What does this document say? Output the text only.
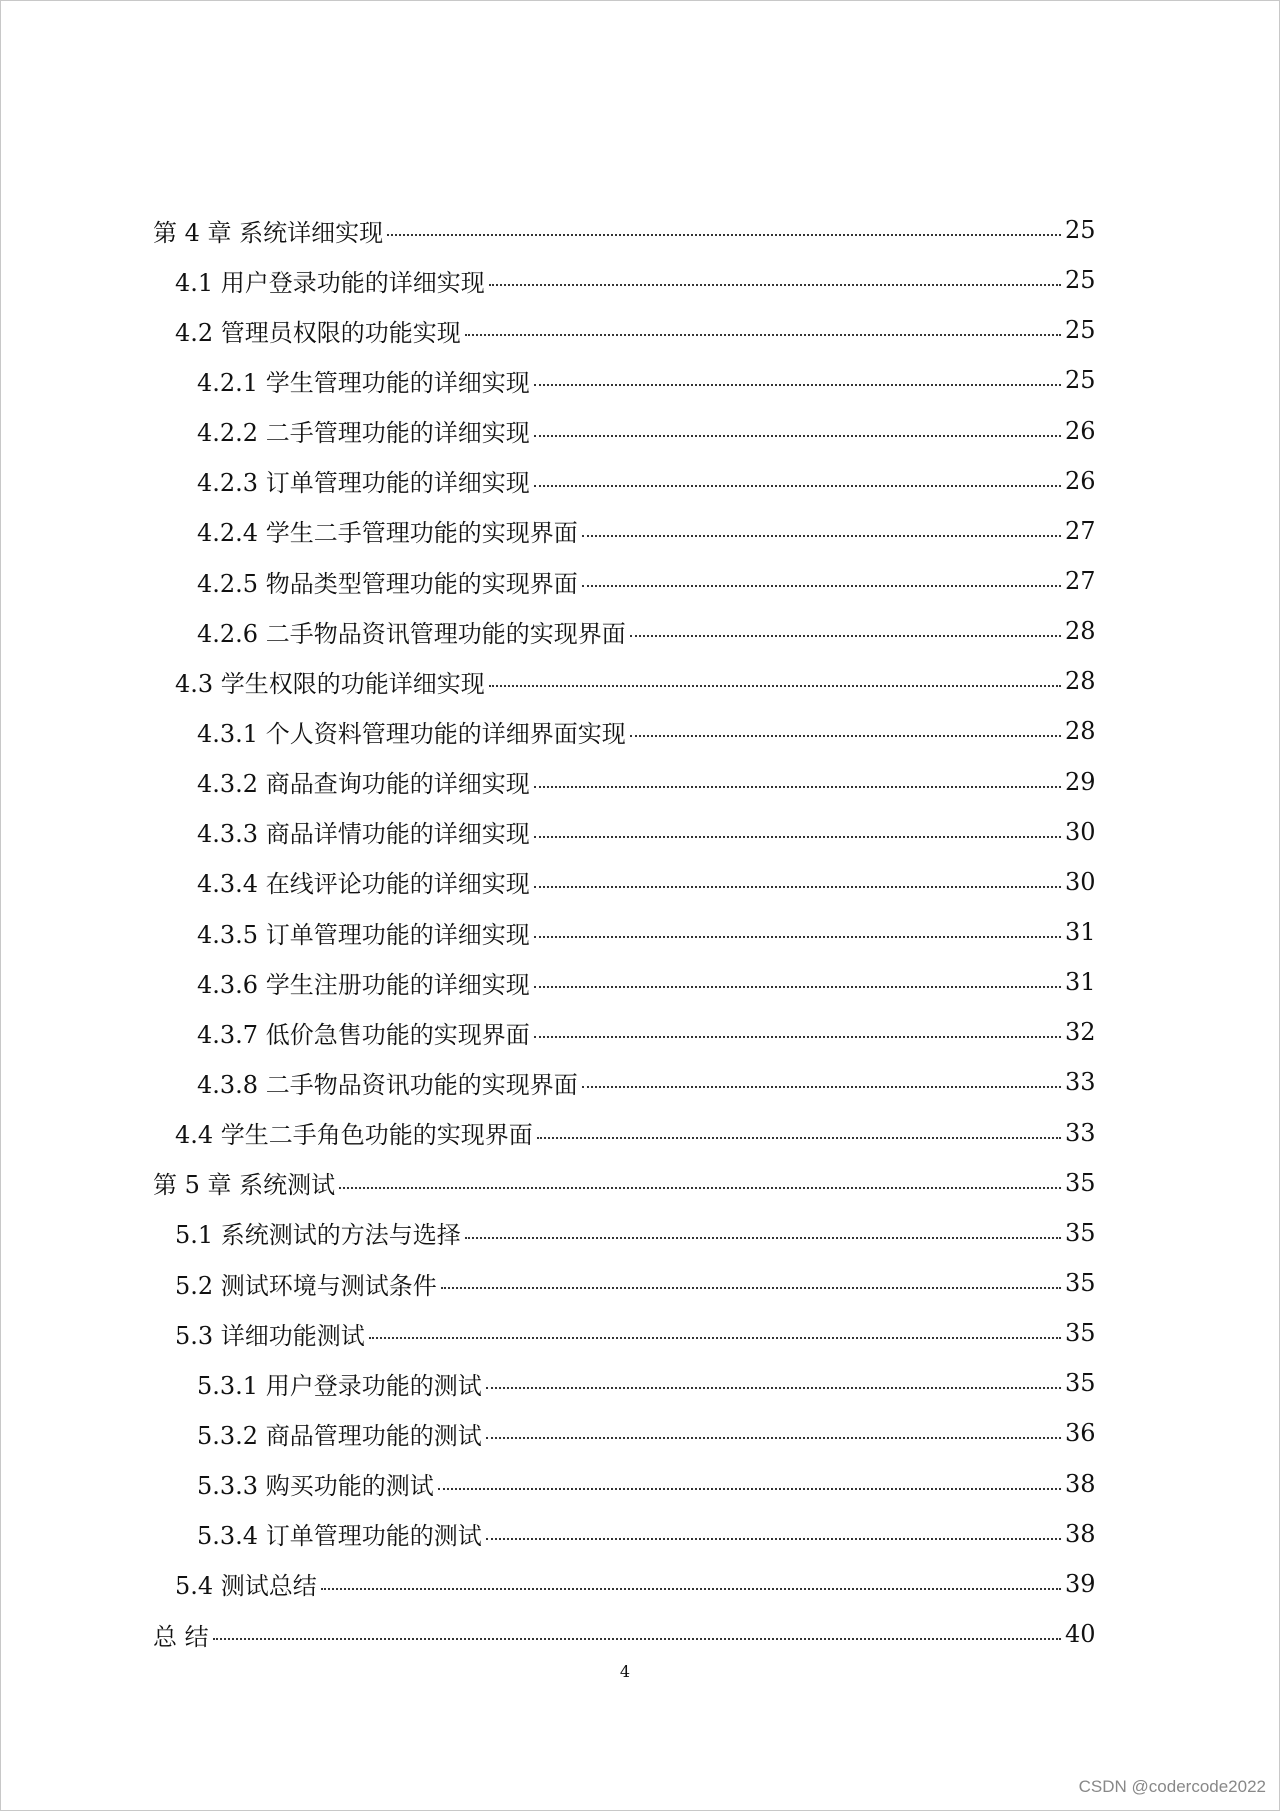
第 4 章 系统详细实现	25
4.1 用户登录功能的详细实现	25
4.2 管理员权限的功能实现	25
4.2.1 学生管理功能的详细实现	25
4.2.2 二手管理功能的详细实现	26
4.2.3 订单管理功能的详细实现	26
4.2.4 学生二手管理功能的实现界面	27
4.2.5 物品类型管理功能的实现界面	27
4.2.6 二手物品资讯管理功能的实现界面	28
4.3 学生权限的功能详细实现	28
4.3.1 个人资料管理功能的详细界面实现	28
4.3.2 商品查询功能的详细实现	29
4.3.3 商品详情功能的详细实现	30
4.3.4 在线评论功能的详细实现	30
4.3.5 订单管理功能的详细实现	31
4.3.6 学生注册功能的详细实现	31
4.3.7 低价急售功能的实现界面	32
4.3.8 二手物品资讯功能的实现界面	33
4.4 学生二手角色功能的实现界面	33
第 5 章 系统测试	35
5.1 系统测试的方法与选择	35
5.2 测试环境与测试条件	35
5.3 详细功能测试	35
5.3.1 用户登录功能的测试	35
5.3.2 商品管理功能的测试	36
5.3.3 购买功能的测试	38
5.3.4 订单管理功能的测试	38
5.4 测试总结	39
总 结	40
4
CSDN @codercode2022
